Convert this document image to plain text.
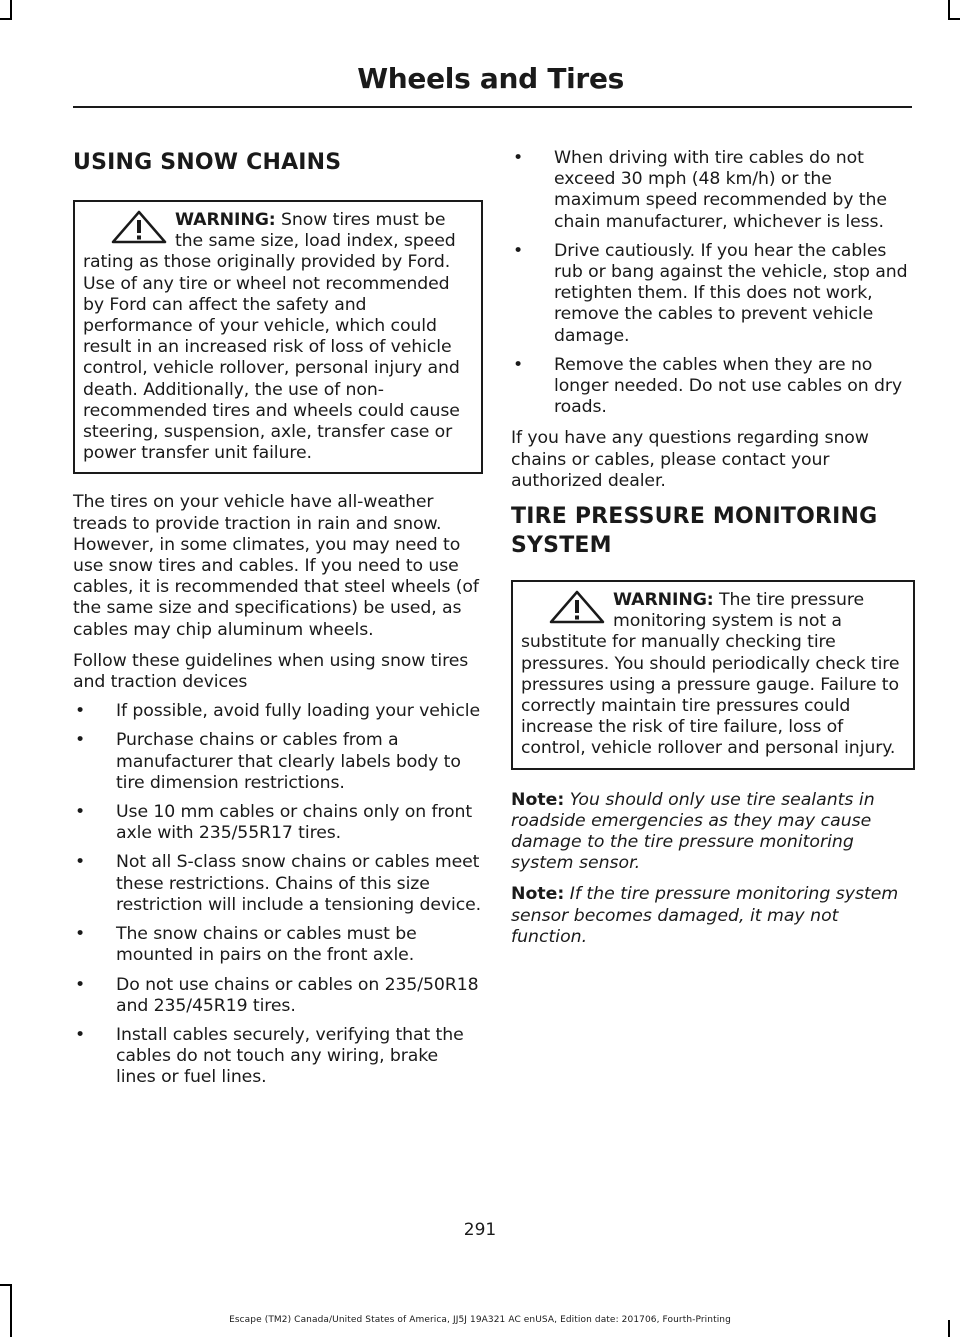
Wheels and Tires
USING SNOW CHAINS
WARNING: Snow tires must be the same size, load index, speed rating as those originally provided by Ford. Use of any tire or wheel not recommended by Ford can affect the safety and performance of your vehicle, which could result in an increased risk of loss of vehicle control, vehicle rollover, personal injury and death. Additionally, the use of non-recommended tires and wheels could cause steering, suspension, axle, transfer case or power transfer unit failure.

The tires on your vehicle have all-weather treads to provide traction in rain and snow. However, in some climates, you may need to use snow tires and cables. If you need to use cables, it is recommended that steel wheels (of the same size and specifications) be used, as cables may chip aluminum wheels.

Follow these guidelines when using snow tires and traction devices

• If possible, avoid fully loading your vehicle
• Purchase chains or cables from a manufacturer that clearly labels body to tire dimension restrictions.
• Use 10 mm cables or chains only on front axle with 235/55R17 tires.
• Not all S-class snow chains or cables meet these restrictions. Chains of this size restriction will include a tensioning device.
• The snow chains or cables must be mounted in pairs on the front axle.
• Do not use chains or cables on 235/50R18 and 235/45R19 tires.
• Install cables securely, verifying that the cables do not touch any wiring, brake lines or fuel lines.
• When driving with tire cables do not exceed 30 mph (48 km/h) or the maximum speed recommended by the chain manufacturer, whichever is less.
• Drive cautiously. If you hear the cables rub or bang against the vehicle, stop and retighten them. If this does not work, remove the cables to prevent vehicle damage.
• Remove the cables when they are no longer needed. Do not use cables on dry roads.

If you have any questions regarding snow chains or cables, please contact your authorized dealer.

TIRE PRESSURE MONITORING
SYSTEM
WARNING: The tire pressure monitoring system is not a substitute for manually checking tire pressures. You should periodically check tire pressures using a pressure gauge. Failure to correctly maintain tire pressures could increase the risk of tire failure, loss of control, vehicle rollover and personal injury.

Note: You should only use tire sealants in roadside emergencies as they may cause damage to the tire pressure monitoring system sensor.

Note: If the tire pressure monitoring system sensor becomes damaged, it may not function.

291
Escape (TM2) Canada/United States of America, JJ5J 19A321 AC enUSA, Edition date: 201706, Fourth-Printing
